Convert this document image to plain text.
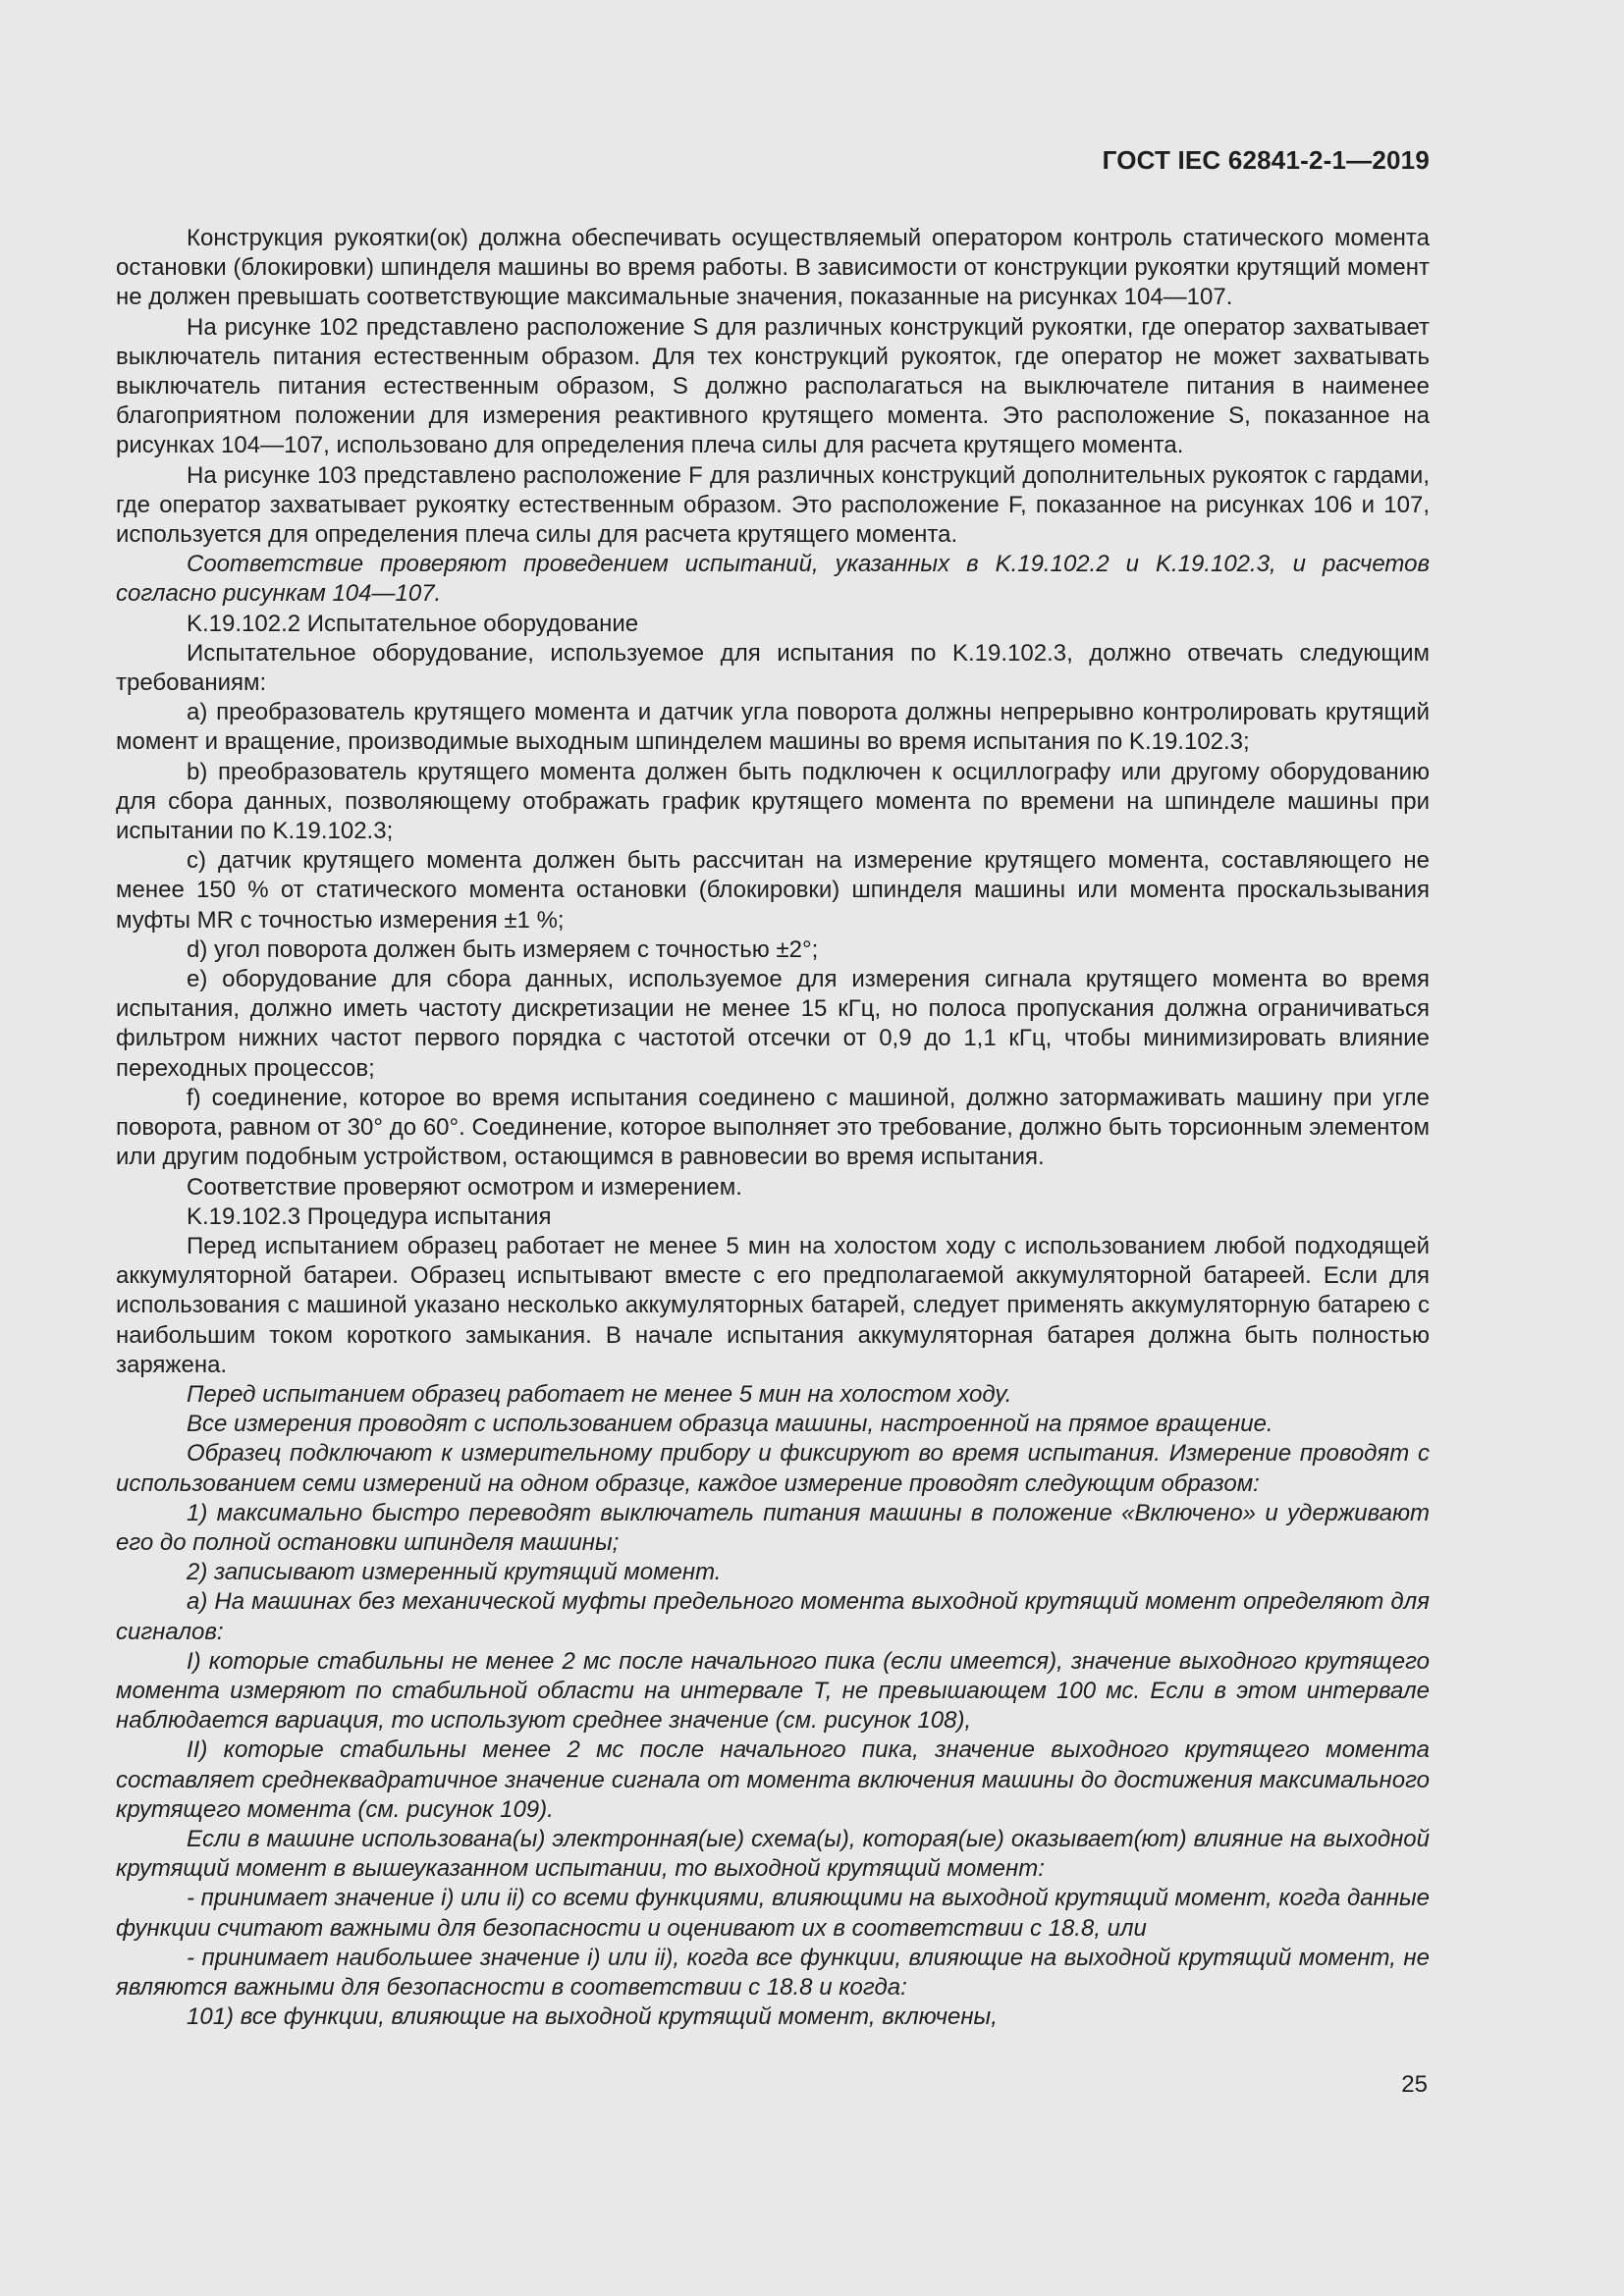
ГОСТ IEC 62841-2-1—2019

Конструкция рукоятки(ок) должна обеспечивать осуществляемый оператором контроль статического момента остановки (блокировки) шпинделя машины во время работы. В зависимости от конструкции рукоятки крутящий момент не должен превышать соответствующие максимальные значения, показанные на рисунках 104—107.

На рисунке 102 представлено расположение S для различных конструкций рукоятки, где оператор захватывает выключатель питания естественным образом. Для тех конструкций рукояток, где оператор не может захватывать выключатель питания естественным образом, S должно располагаться на выключателе питания в наименее благоприятном положении для измерения реактивного крутящего момента. Это расположение S, показанное на рисунках 104—107, использовано для определения плеча силы для расчета крутящего момента.

На рисунке 103 представлено расположение F для различных конструкций дополнительных рукояток с гардами, где оператор захватывает рукоятку естественным образом. Это расположение F, показанное на рисунках 106 и 107, используется для определения плеча силы для расчета крутящего момента.

Соответствие проверяют проведением испытаний, указанных в K.19.102.2 и K.19.102.3, и расчетов согласно рисункам 104—107.

K.19.102.2 Испытательное оборудование

Испытательное оборудование, используемое для испытания по K.19.102.3, должно отвечать следующим требованиям:

a) преобразователь крутящего момента и датчик угла поворота должны непрерывно контролировать крутящий момент и вращение, производимые выходным шпинделем машины во время испытания по K.19.102.3;

b) преобразователь крутящего момента должен быть подключен к осциллографу или другому оборудованию для сбора данных, позволяющему отображать график крутящего момента по времени на шпинделе машины при испытании по K.19.102.3;

c) датчик крутящего момента должен быть рассчитан на измерение крутящего момента, составляющего не менее 150 % от статического момента остановки (блокировки) шпинделя машины или момента проскальзывания муфты MR с точностью измерения ±1 %;

d) угол поворота должен быть измеряем с точностью ±2°;

e) оборудование для сбора данных, используемое для измерения сигнала крутящего момента во время испытания, должно иметь частоту дискретизации не менее 15 кГц, но полоса пропускания должна ограничиваться фильтром нижних частот первого порядка с частотой отсечки от 0,9 до 1,1 кГц, чтобы минимизировать влияние переходных процессов;

f) соединение, которое во время испытания соединено с машиной, должно затормаживать машину при угле поворота, равном от 30° до 60°. Соединение, которое выполняет это требование, должно быть торсионным элементом или другим подобным устройством, остающимся в равновесии во время испытания.

Соответствие проверяют осмотром и измерением.

K.19.102.3 Процедура испытания

Перед испытанием образец работает не менее 5 мин на холостом ходу с использованием любой подходящей аккумуляторной батареи. Образец испытывают вместе с его предполагаемой аккумуляторной батареей. Если для использования с машиной указано несколько аккумуляторных батарей, следует применять аккумуляторную батарею с наибольшим током короткого замыкания. В начале испытания аккумуляторная батарея должна быть полностью заряжена.

Перед испытанием образец работает не менее 5 мин на холостом ходу.

Все измерения проводят с использованием образца машины, настроенной на прямое вращение.

Образец подключают к измерительному прибору и фиксируют во время испытания. Измерение проводят с использованием семи измерений на одном образце, каждое измерение проводят следующим образом:

1) максимально быстро переводят выключатель питания машины в положение «Включено» и удерживают его до полной остановки шпинделя машины;

2) записывают измеренный крутящий момент.

a) На машинах без механической муфты предельного момента выходной крутящий момент определяют для сигналов:

I) которые стабильны не менее 2 мс после начального пика (если имеется), значение выходного крутящего момента измеряют по стабильной области на интервале T, не превышающем 100 мс. Если в этом интервале наблюдается вариация, то используют среднее значение (см. рисунок 108),

II) которые стабильны менее 2 мс после начального пика, значение выходного крутящего момента составляет среднеквадратичное значение сигнала от момента включения машины до достижения максимального крутящего момента (см. рисунок 109).

Если в машине использована(ы) электронная(ые) схема(ы), которая(ые) оказывает(ют) влияние на выходной крутящий момент в вышеуказанном испытании, то выходной крутящий момент:

- принимает значение i) или ii) со всеми функциями, влияющими на выходной крутящий момент, когда данные функции считают важными для безопасности и оценивают их в соответствии с 18.8, или

- принимает наибольшее значение i) или ii), когда все функции, влияющие на выходной крутящий момент, не являются важными для безопасности в соответствии с 18.8 и когда:

101) все функции, влияющие на выходной крутящий момент, включены,

25
